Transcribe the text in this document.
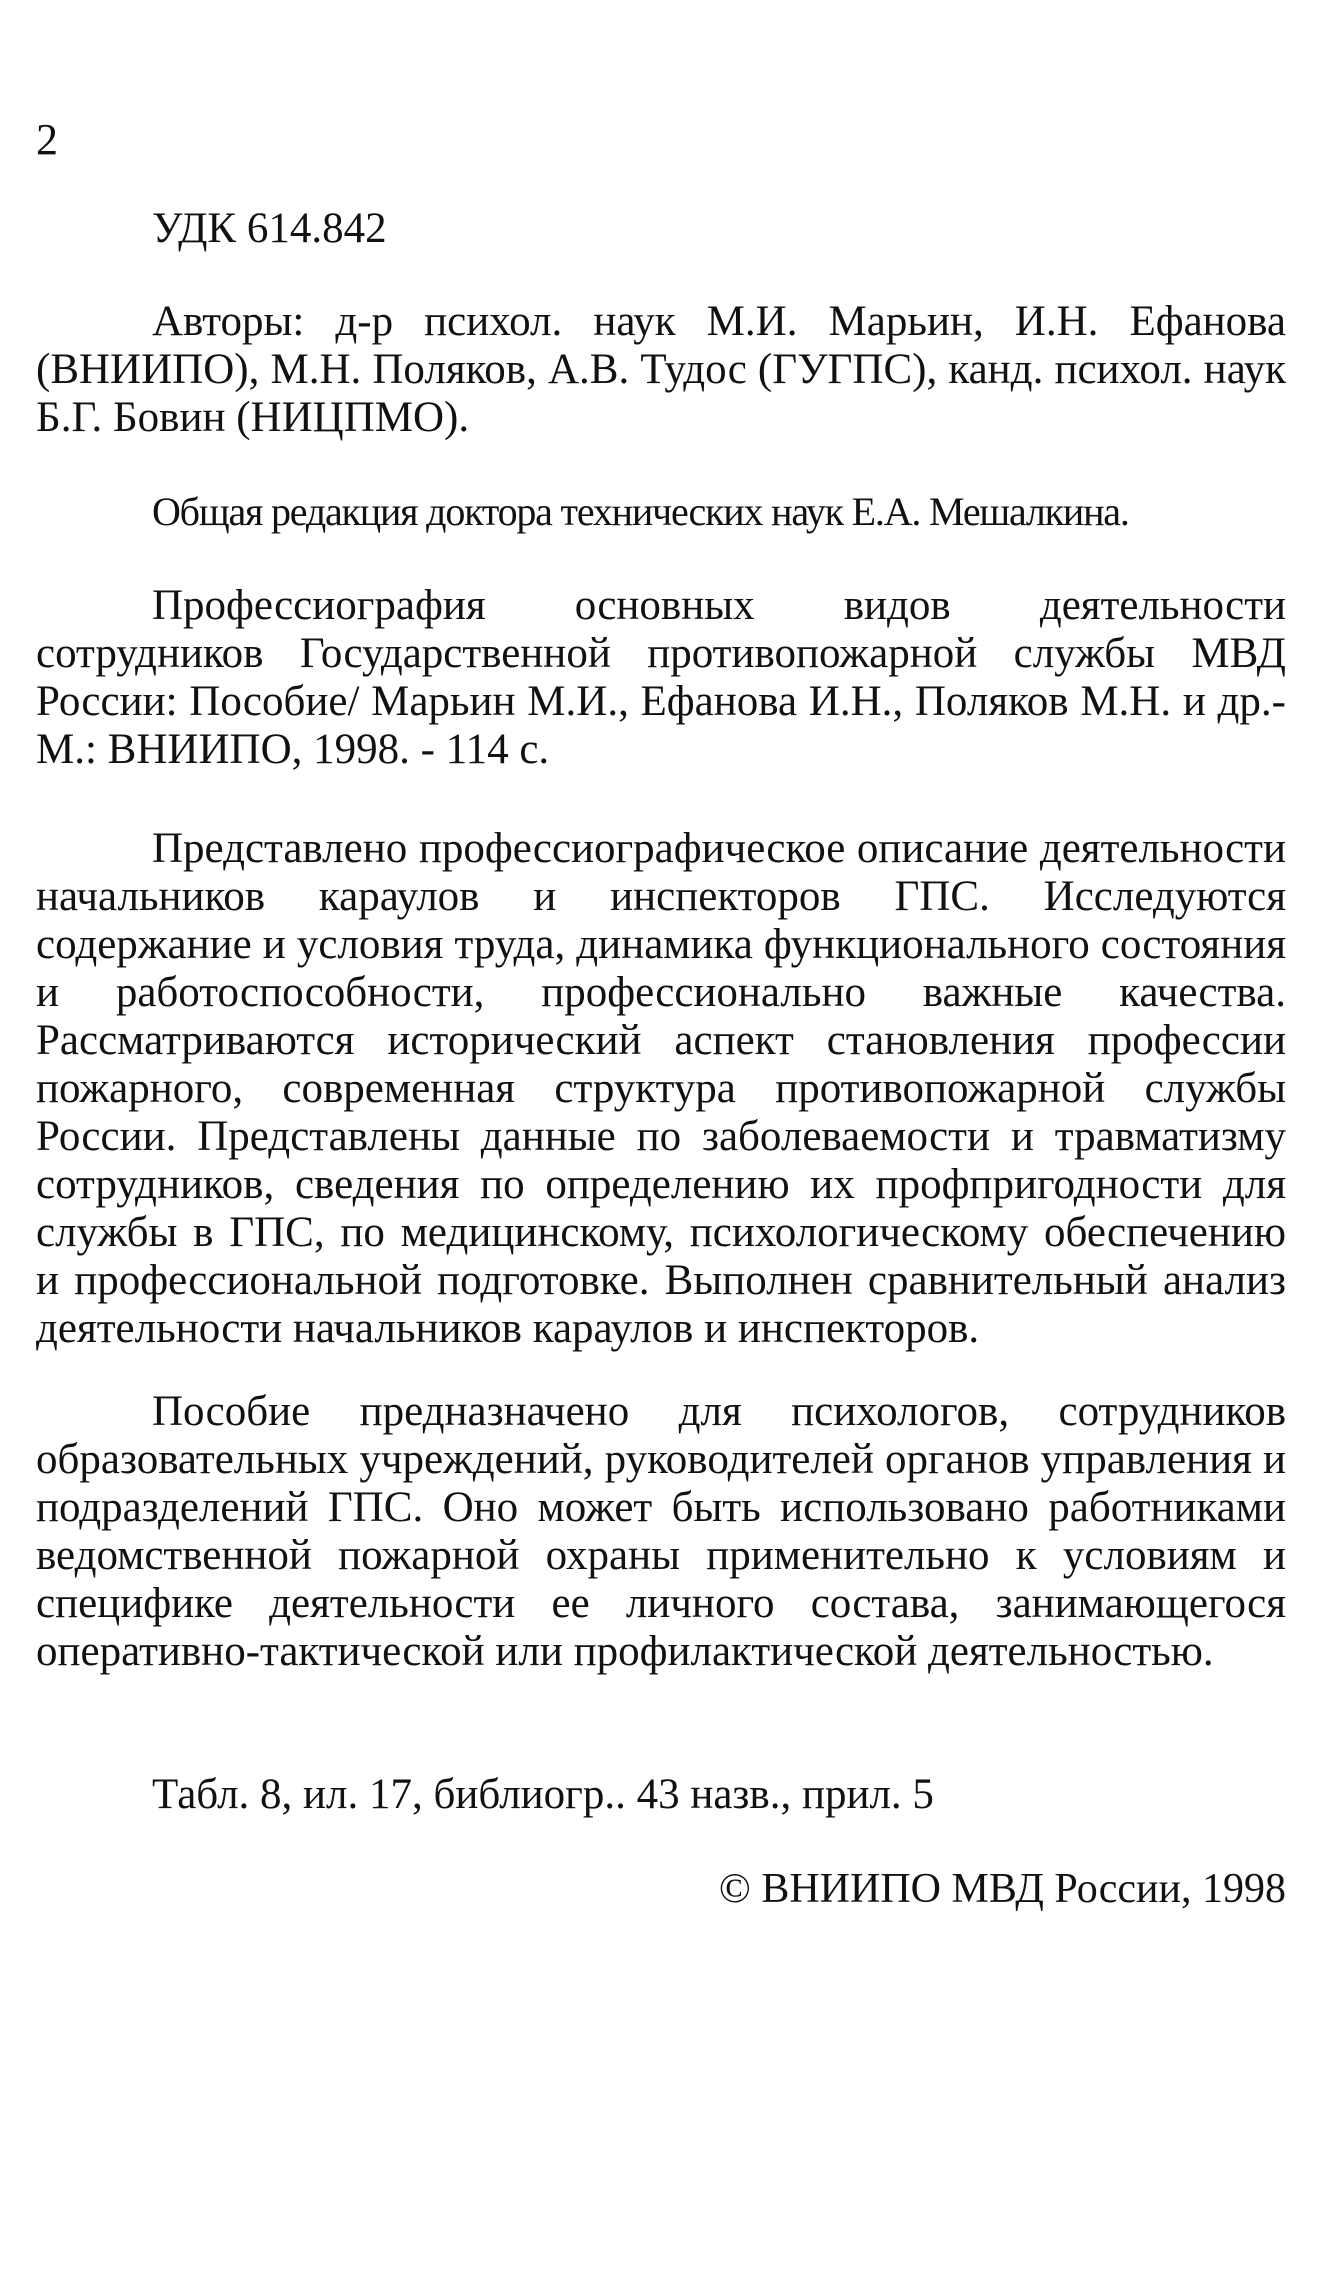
2
УДК 614.842

Авторы: д-р психол. наук М.И. Марьин, И.Н. Ефанова (ВНИИПО), М.Н. Поляков, А.В. Тудос (ГУГПС), канд. психол. наук Б.Г. Бовин (НИЦПМО).

Общая редакция доктора технических наук Е.А. Мешалкина.

Профессиография основных видов деятельности сотрудников Государственной противопожарной службы МВД России: Пособие/ Марьин М.И., Ефанова И.Н., Поляков М.Н. и др.- М.: ВНИИПО, 1998. - 114 с.

Представлено профессиографическое описание деятельности начальников караулов и инспекторов ГПС. Исследуются содержание и условия труда, динамика функционального состояния и работоспособности, профессионально важные качества. Рассматриваются исторический аспект становления профессии пожарного, современная структура противопожарной службы России. Представлены данные по заболеваемости и травматизму сотрудников, сведения по определению их профпригодности для службы в ГПС, по медицинскому, психологическому обеспечению и профессиональной подготовке. Выполнен сравнительный анализ деятельности начальников караулов и инспекторов.

Пособие предназначено для психологов, сотрудников образовательных учреждений, руководителей органов управления и подразделений ГПС. Оно может быть использовано работниками ведомственной пожарной охраны применительно к условиям и специфике деятельности ее личного состава, занимающегося оперативно-тактической или профилактической деятельностью.

Табл. 8, ил. 17, библиогр.. 43 назв., прил. 5
© ВНИИПО МВД России, 1998
